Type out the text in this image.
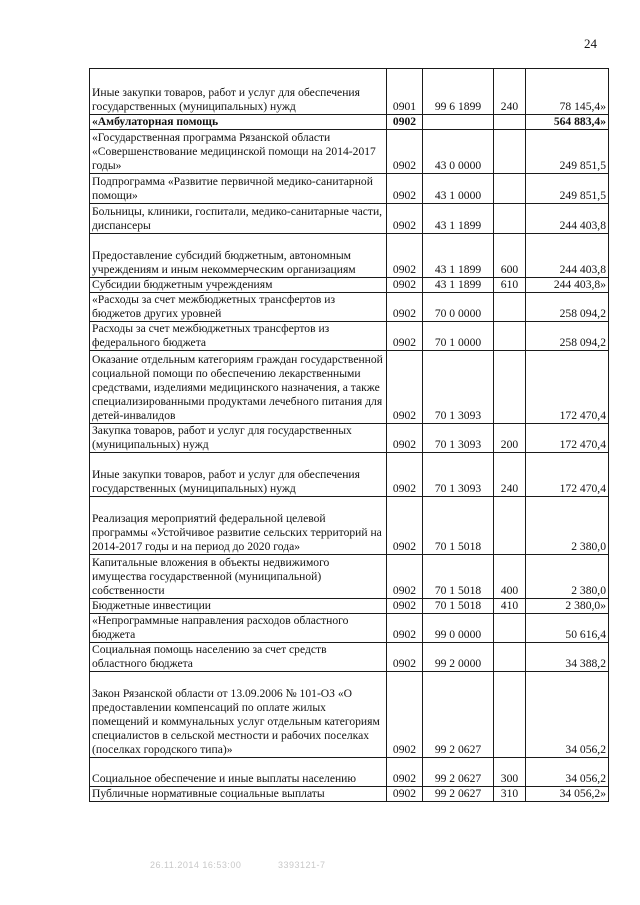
24
Иные закупки товаров, работ и услуг для обеспечения государственных (муниципальных) нужд	0901	99 6 1899	240	78 145,4»
«Амбулаторная помощь	0902			564 883,4»
«Государственная программа Рязанской области «Совершенствование медицинской помощи на 2014-2017 годы»	0902	43 0 0000		249 851,5
Подпрограмма «Развитие первичной медико-санитарной помощи»	0902	43 1 0000		249 851,5
Больницы, клиники, госпитали, медико-санитарные части, диспансеры	0902	43 1 1899		244 403,8
Предоставление субсидий бюджетным, автономным учреждениям и иным некоммерческим организациям	0902	43 1 1899	600	244 403,8
Субсидии бюджетным учреждениям	0902	43 1 1899	610	244 403,8»
«Расходы за счет межбюджетных трансфертов из бюджетов других уровней	0902	70 0 0000		258 094,2
Расходы за счет межбюджетных трансфертов из федерального бюджета	0902	70 1 0000		258 094,2
Оказание отдельным категориям граждан государственной социальной помощи по обеспечению лекарственными средствами, изделиями медицинского назначения, а также специализированными продуктами лечебного питания для детей-инвалидов	0902	70 1 3093		172 470,4
Закупка товаров, работ и услуг для государственных (муниципальных) нужд	0902	70 1 3093	200	172 470,4
Иные закупки товаров, работ и услуг для обеспечения государственных (муниципальных) нужд	0902	70 1 3093	240	172 470,4
Реализация мероприятий федеральной целевой программы «Устойчивое развитие сельских территорий на 2014-2017 годы и на период до 2020 года»	0902	70 1 5018		2 380,0
Капитальные вложения в объекты недвижимого имущества государственной (муниципальной) собственности	0902	70 1 5018	400	2 380,0
Бюджетные инвестиции	0902	70 1 5018	410	2 380,0»
«Непрограммные направления расходов областного бюджета	0902	99 0 0000		50 616,4
Социальная помощь населению за счет средств областного бюджета	0902	99 2 0000		34 388,2
Закон Рязанской области от 13.09.2006 № 101-ОЗ «О предоставлении компенсаций по оплате жилых помещений и коммунальных услуг отдельным категориям специалистов в сельской местности и рабочих поселках (поселках городского типа)»	0902	99 2 0627		34 056,2
Социальное обеспечение и иные выплаты населению	0902	99 2 0627	300	34 056,2
Публичные нормативные социальные выплаты	0902	99 2 0627	310	34 056,2»
26.11.2014 16:53:00	3393121-7
